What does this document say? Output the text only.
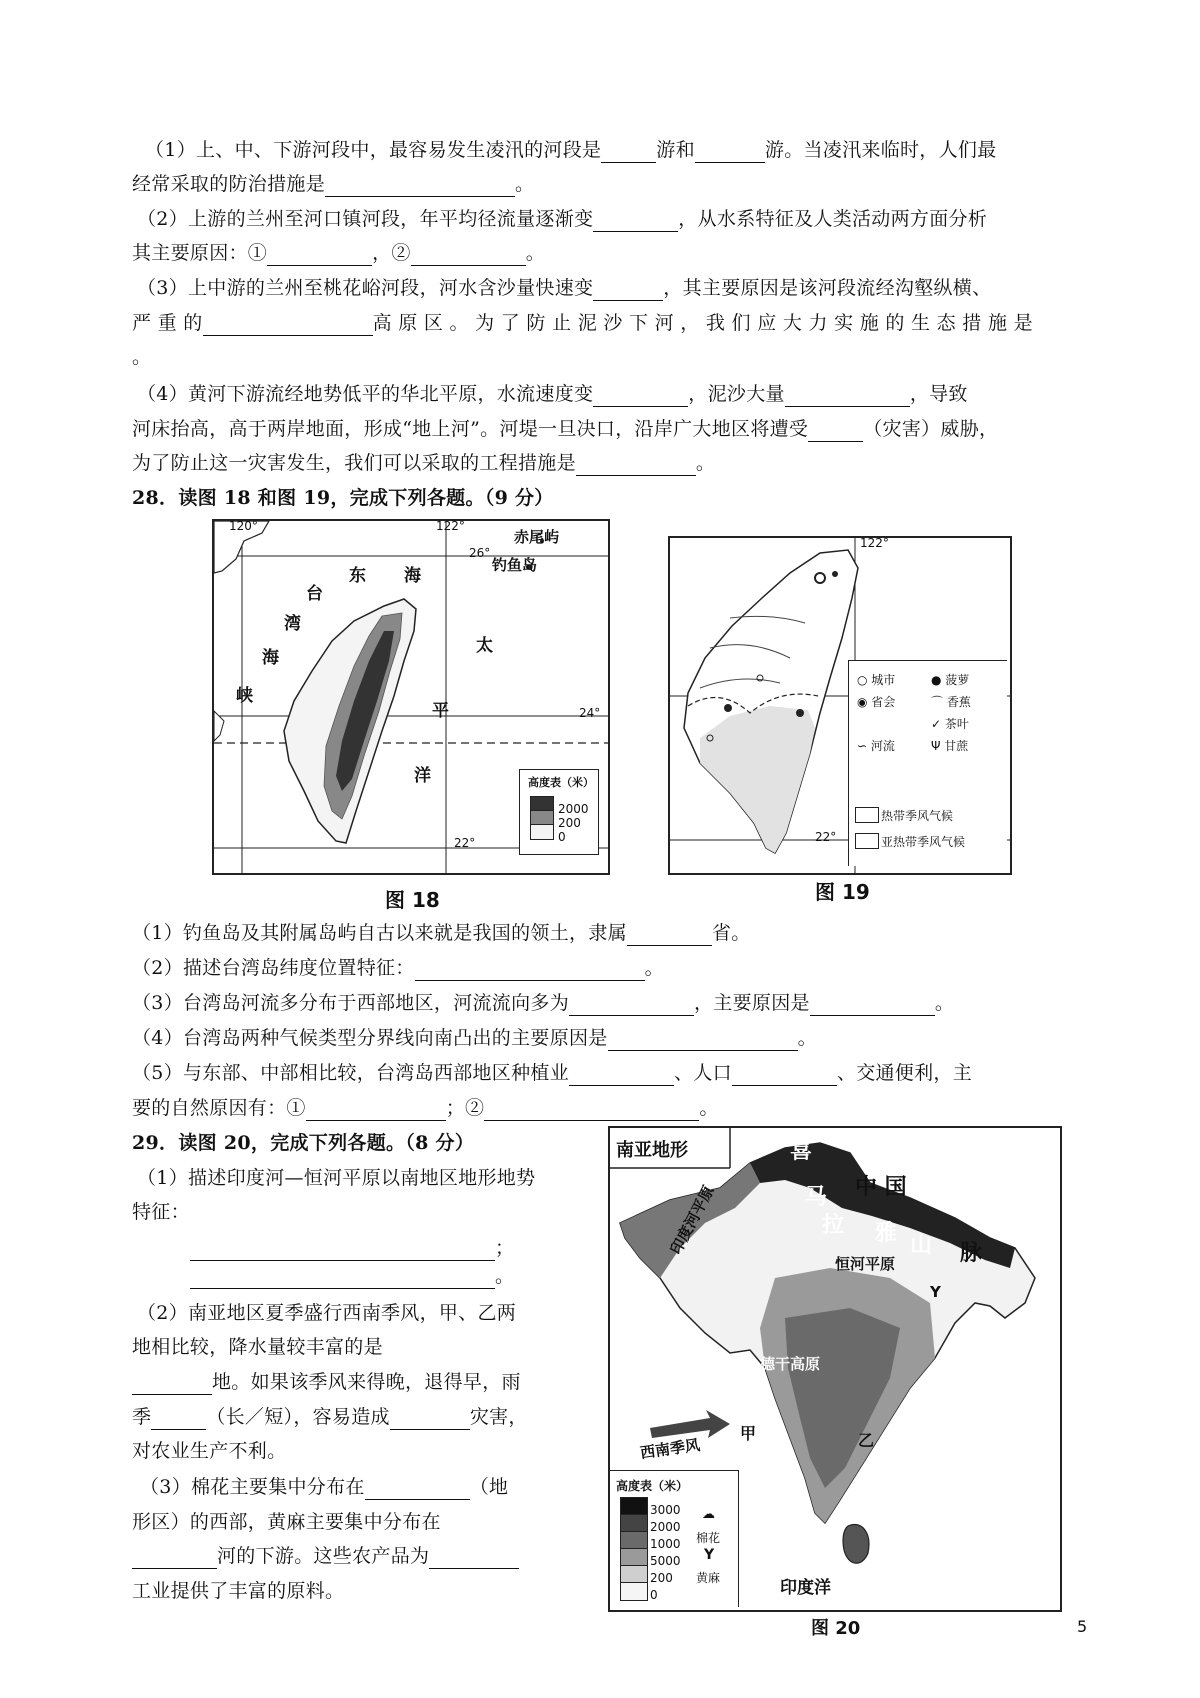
（1）上、中、下游河段中，最容易发生凌汛的河段是	游和	游。当凌汛来临时，人们最
经常采取的防治措施是	。
（2）上游的兰州至河口镇河段，年平均径流量逐渐变	，从水系特征及人类活动两方面分析
其主要原因：①	，②	。
（3）上中游的兰州至桃花峪河段，河水含沙量快速变	，其主要原因是该河段流经沟壑纵横、
严 重 的	高 原 区 。 为 了 防 止 泥 沙 下 河 ， 我 们 应 大 力 实 施 的 生 态 措 施 是
。
（4）黄河下游流经地势低平的华北平原，水流速度变	，泥沙大量	，导致
河床抬高，高于两岸地面，形成“地上河”。河堤一旦决口，沿岸广大地区将遭受	（灾害）威胁，
为了防止这一灾害发生，我们可以采取的工程措施是	。
28．读图 18 和图 19，完成下列各题。（9 分）
120°	122°
26°
赤尾屿
钓鱼岛
东 海
台
湾
海
峡
太
平
洋
24°
22°
高度表（米）
2000
200
0
图 18
122°
22°
○ 城市	● 菠萝
◉ 省会	⌒ 香蕉
✓ 茶叶
∽ 河流	Ψ 甘蔗
热带季风气候
亚热带季风气候
图 19
（1）钓鱼岛及其附属岛屿自古以来就是我国的领土，隶属	省。
（2）描述台湾岛纬度位置特征：	。
（3）台湾岛河流多分布于西部地区，河流流向多为	，主要原因是	。
（4）台湾岛两种气候类型分界线向南凸出的主要原因是	。
（5）与东部、中部相比较，台湾岛西部地区种植业	、人口	、交通便利，主
要的自然原因有：①	；②	。
29．读图 20，完成下列各题。（8 分）
（1）描述印度河—恒河平原以南地区地形地势
特征：
；
。
（2）南亚地区夏季盛行西南季风，甲、乙两
地相比较，降水量较丰富的是
地。如果该季风来得晚，退得早，雨
季	（长／短），容易造成	灾害，
对农业生产不利。
（3）棉花主要集中分布在	（地
形区）的西部，黄麻主要集中分布在
河的下游。这些农产品为
工业提供了丰富的原料。
南亚地形	喜
马 中 国
拉 雅 山 脉
印度河平原
恒河平原
Y
德干高原
西南季风
甲	乙
印度洋
高度表（米）
3000
2000
1000
5000
200
0
☁
棉花
Y
黄麻
图 20	5
